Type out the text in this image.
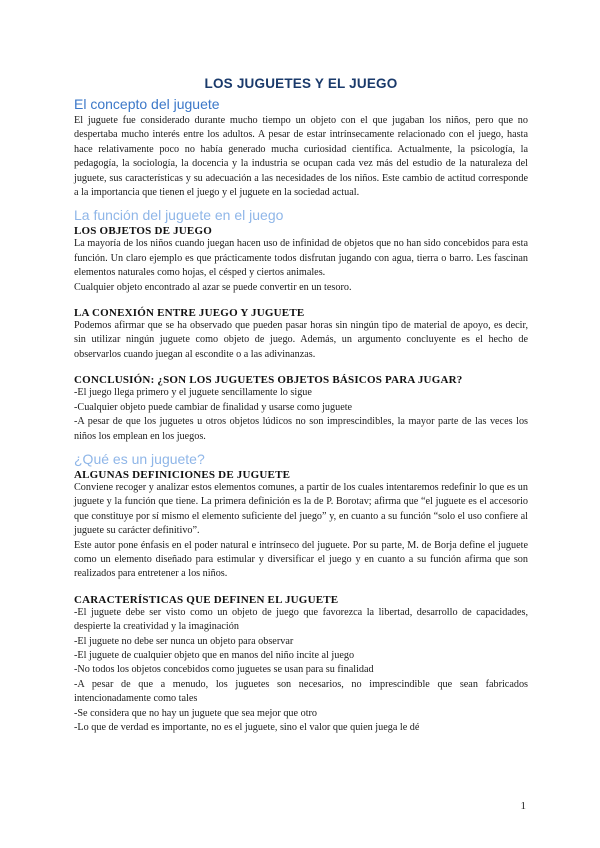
LOS JUGUETES Y EL JUEGO
El concepto del juguete

El juguete fue considerado durante mucho tiempo un objeto con el que jugaban los niños, pero que no despertaba mucho interés entre los adultos. A pesar de estar intrínsecamente relacionado con el juego, hasta hace relativamente poco no había generado mucha curiosidad científica. Actualmente, la psicología, la pedagogía, la sociología, la docencia y la industria se ocupan cada vez más del estudio de la naturaleza del juguete, sus características y su adecuación a las necesidades de los niños. Este cambio de actitud corresponde a la importancia que tienen el juego y el juguete en la sociedad actual.

La función del juguete en el juego
LOS OBJETOS DE JUEGO

La mayoría de los niños cuando juegan hacen uso de infinidad de objetos que no han sido concebidos para esta función. Un claro ejemplo es que prácticamente todos disfrutan jugando con agua, tierra o barro. Les fascinan elementos naturales como hojas, el césped y ciertos animales.

Cualquier objeto encontrado al azar se puede convertir en un tesoro.

LA CONEXIÓN ENTRE JUEGO Y JUGUETE

Podemos afirmar que se ha observado que pueden pasar horas sin ningún tipo de material de apoyo, es decir, sin utilizar ningún juguete como objeto de juego. Además, un argumento concluyente es el hecho de observarlos cuando juegan al escondite o a las adivinanzas.

CONCLUSIÓN: ¿SON LOS JUGUETES OBJETOS BÁSICOS PARA JUGAR?

-El juego llega primero y el juguete sencillamente lo sigue

-Cualquier objeto puede cambiar de finalidad y usarse como juguete

-A pesar de que los juguetes u otros objetos lúdicos no son imprescindibles, la mayor parte de las veces los niños los emplean en los juegos.

¿Qué es un juguete?
ALGUNAS DEFINICIONES DE JUGUETE

Conviene recoger y analizar estos elementos comunes, a partir de los cuales intentaremos redefinir lo que es un juguete y la función que tiene. La primera definición es la de P. Borotav; afirma que “el juguete es el accesorio que constituye por sí mismo el elemento suficiente del juego” y, en cuanto a su función “solo el uso confiere al juguete su carácter definitivo”.

Este autor pone énfasis en el poder natural e intrínseco del juguete. Por su parte, M. de Borja define el juguete como un elemento diseñado para estimular y diversificar el juego y en cuanto a su función afirma que son realizados para entretener a los niños.

CARACTERÍSTICAS QUE DEFINEN EL JUGUETE

-El juguete debe ser visto como un objeto de juego que favorezca la libertad, desarrollo de capacidades, despierte la creatividad y la imaginación

-El juguete no debe ser nunca un objeto para observar

-El juguete de cualquier objeto que en manos del niño incite al juego

-No todos los objetos concebidos como juguetes se usan para su finalidad

-A pesar de que a menudo, los juguetes son necesarios, no imprescindible que sean fabricados intencionadamente como tales

-Se considera que no hay un juguete que sea mejor que otro

-Lo que de verdad es importante, no es el juguete, sino el valor que quien juega le dé

1
